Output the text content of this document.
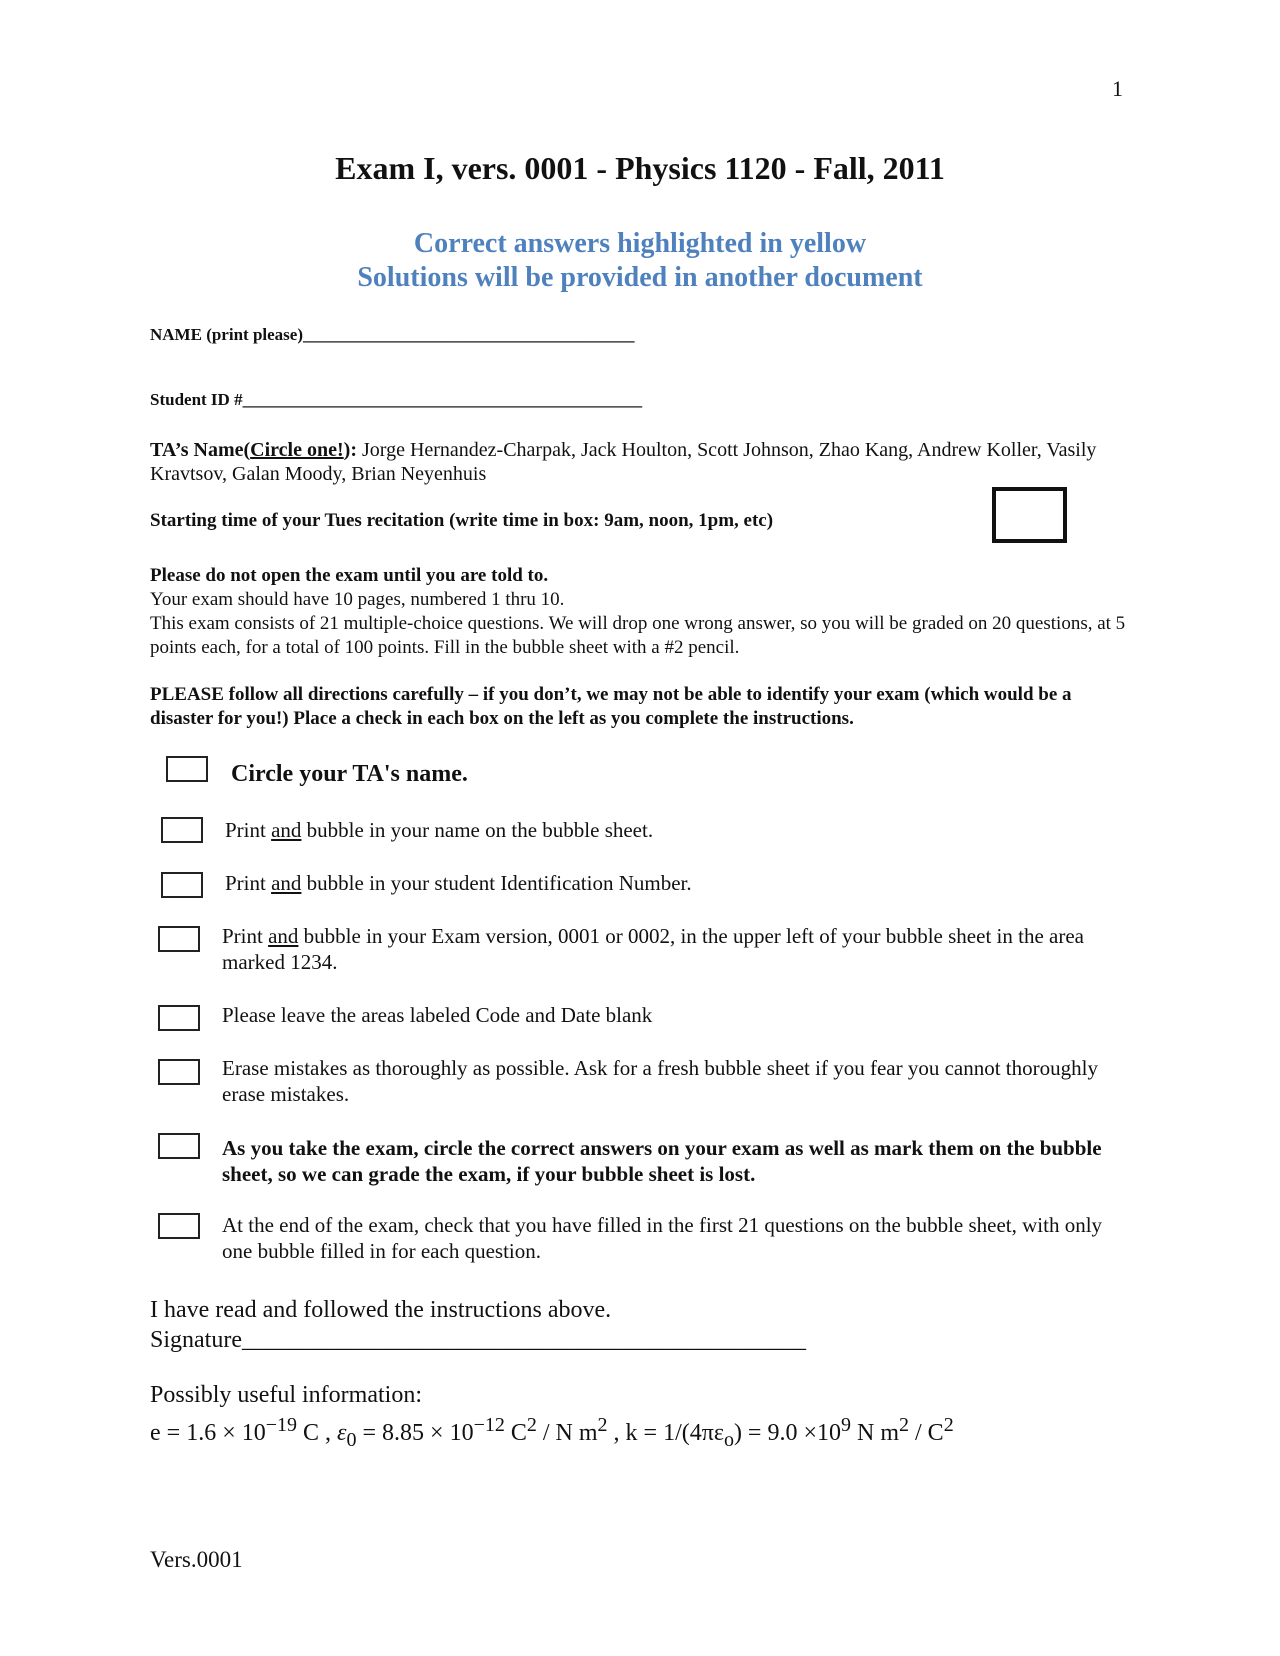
1
Exam I, vers. 0001 - Physics 1120 - Fall, 2011
Correct answers highlighted in yellow
Solutions will be provided in another document
NAME (print please)_______________________________________
Student ID #_______________________________________________
TA’s Name(Circle one!): Jorge Hernandez-Charpak, Jack Houlton, Scott Johnson, Zhao Kang, Andrew Koller, Vasily Kravtsov, Galan Moody, Brian Neyenhuis
Starting time of your Tues recitation (write time in box: 9am, noon, 1pm, etc)
Please do not open the exam until you are told to.
Your exam should have 10 pages, numbered 1 thru 10.
This exam consists of 21 multiple-choice questions. We will drop one wrong answer, so you will be graded on 20 questions, at 5 points each, for a total of 100 points. Fill in the bubble sheet with a #2 pencil.
PLEASE follow all directions carefully – if you don’t, we may not be able to identify your exam (which would be a disaster for you!) Place a check in each box on the left as you complete the instructions.
Circle your TA's name.
Print and bubble in your name on the bubble sheet.
Print and bubble in your student Identification Number.
Print and bubble in your Exam version, 0001 or 0002, in the upper left of your bubble sheet in the area marked 1234.
Please leave the areas labeled Code and Date blank
Erase mistakes as thoroughly as possible. Ask for a fresh bubble sheet if you fear you cannot thoroughly erase mistakes.
As you take the exam, circle the correct answers on your exam as well as mark them on the bubble sheet, so we can grade the exam, if your bubble sheet is lost.
At the end of the exam, check that you have filled in the first 21 questions on the bubble sheet, with only one bubble filled in for each question.
I have read and followed the instructions above.
Signature_______________________________________________
Possibly useful information:
$e = 1.6 \times 10^{-19}$ C , $\varepsilon_0 = 8.85 \times 10^{-12}$ $C^2$ / N $m^2$ , $k = 1/(4\pi\varepsilon_o) = 9.0 \times 10^9$ N $m^2 / C^2$
Vers.0001
